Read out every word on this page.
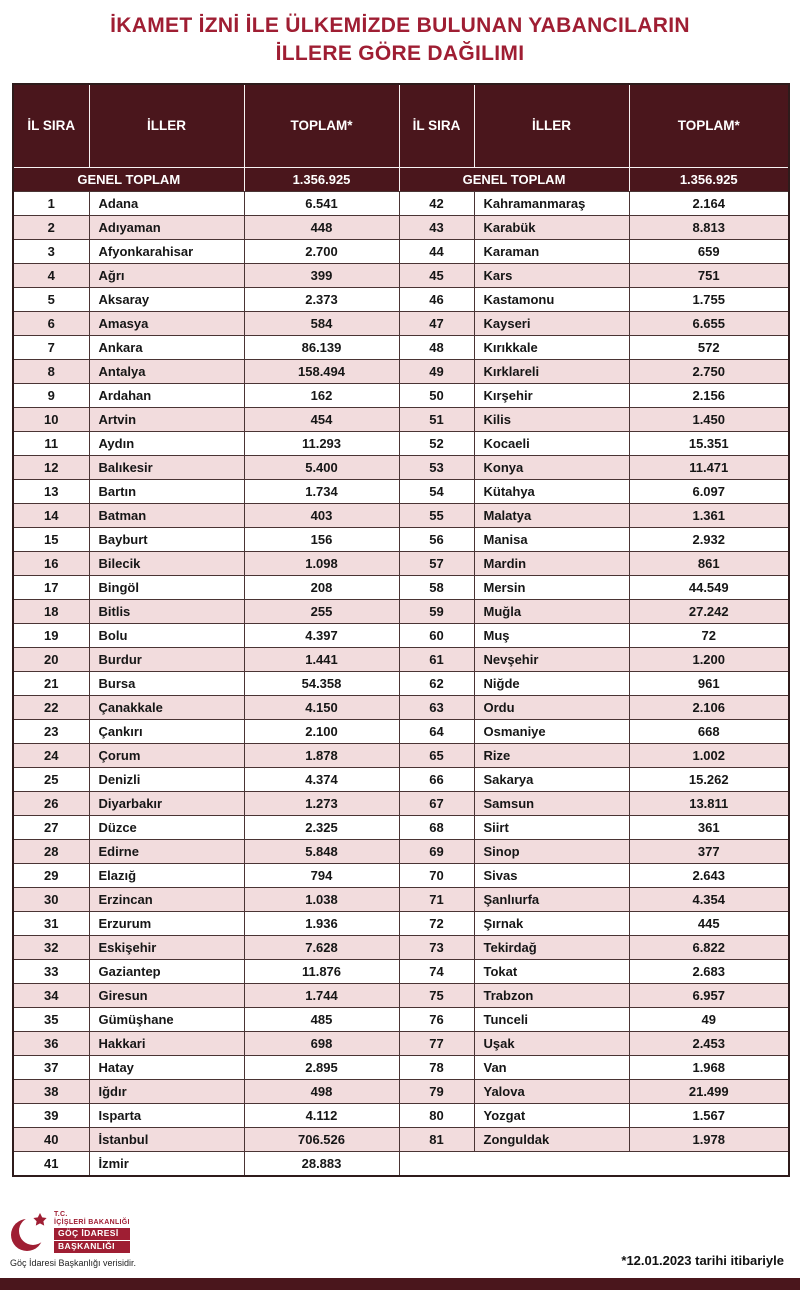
İKAMET İZNİ İLE ÜLKEMİZDE BULUNAN YABANCILARIN
İLLERE GÖRE DAĞILIMI
İL SIRA	İLLER	TOPLAM*	İL SIRA	İLLER	TOPLAM*
GENEL TOPLAM		1.356.925	GENEL TOPLAM		1.356.925
1	Adana	6.541	42	Kahramanmaraş	2.164
2	Adıyaman	448	43	Karabük	8.813
3	Afyonkarahisar	2.700	44	Karaman	659
4	Ağrı	399	45	Kars	751
5	Aksaray	2.373	46	Kastamonu	1.755
6	Amasya	584	47	Kayseri	6.655
7	Ankara	86.139	48	Kırıkkale	572
8	Antalya	158.494	49	Kırklareli	2.750
9	Ardahan	162	50	Kırşehir	2.156
10	Artvin	454	51	Kilis	1.450
11	Aydın	11.293	52	Kocaeli	15.351
12	Balıkesir	5.400	53	Konya	11.471
13	Bartın	1.734	54	Kütahya	6.097
14	Batman	403	55	Malatya	1.361
15	Bayburt	156	56	Manisa	2.932
16	Bilecik	1.098	57	Mardin	861
17	Bingöl	208	58	Mersin	44.549
18	Bitlis	255	59	Muğla	27.242
19	Bolu	4.397	60	Muş	72
20	Burdur	1.441	61	Nevşehir	1.200
21	Bursa	54.358	62	Niğde	961
22	Çanakkale	4.150	63	Ordu	2.106
23	Çankırı	2.100	64	Osmaniye	668
24	Çorum	1.878	65	Rize	1.002
25	Denizli	4.374	66	Sakarya	15.262
26	Diyarbakır	1.273	67	Samsun	13.811
27	Düzce	2.325	68	Siirt	361
28	Edirne	5.848	69	Sinop	377
29	Elazığ	794	70	Sivas	2.643
30	Erzincan	1.038	71	Şanlıurfa	4.354
31	Erzurum	1.936	72	Şırnak	445
32	Eskişehir	7.628	73	Tekirdağ	6.822
33	Gaziantep	11.876	74	Tokat	2.683
34	Giresun	1.744	75	Trabzon	6.957
35	Gümüşhane	485	76	Tunceli	49
36	Hakkari	698	77	Uşak	2.453
37	Hatay	2.895	78	Van	1.968
38	Iğdır	498	79	Yalova	21.499
39	Isparta	4.112	80	Yozgat	1.567
40	İstanbul	706.526	81	Zonguldak	1.978
41	İzmir	28.883			
T.C.
İÇİŞLERİ BAKANLIĞI
GÖÇ İDARESİ
BAŞKANLIĞI
Göç İdaresi Başkanlığı verisidir.	*12.01.2023 tarihi itibariyle
